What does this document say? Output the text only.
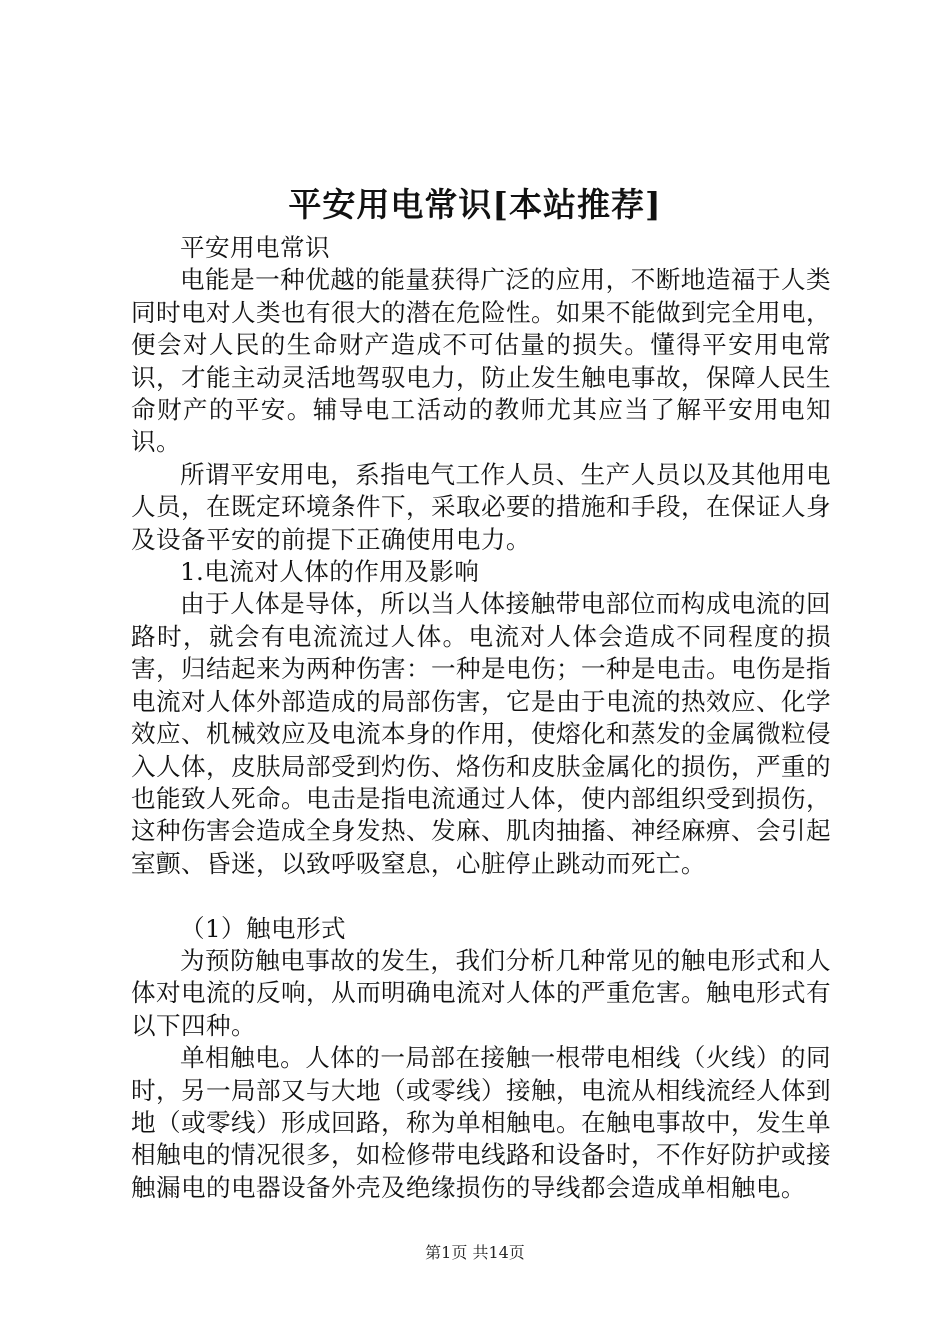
平安用电常识[本站推荐]

平安用电常识

电能是一种优越的能量获得广泛的应用，不断地造福于人类同时电对人类也有很大的潜在危险性。如果不能做到完全用电，便会对人民的生命财产造成不可估量的损失。懂得平安用电常识，才能主动灵活地驾驭电力，防止发生触电事故，保障人民生命财产的平安。辅导电工活动的教师尤其应当了解平安用电知识。

所谓平安用电，系指电气工作人员、生产人员以及其他用电人员，在既定环境条件下，采取必要的措施和手段，在保证人身及设备平安的前提下正确使用电力。

1.电流对人体的作用及影响

由于人体是导体，所以当人体接触带电部位而构成电流的回路时，就会有电流流过人体。电流对人体会造成不同程度的损害，归结起来为两种伤害：一种是电伤；一种是电击。电伤是指电流对人体外部造成的局部伤害，它是由于电流的热效应、化学效应、机械效应及电流本身的作用，使熔化和蒸发的金属微粒侵入人体，皮肤局部受到灼伤、烙伤和皮肤金属化的损伤，严重的也能致人死命。电击是指电流通过人体，使内部组织受到损伤，这种伤害会造成全身发热、发麻、肌肉抽搐、神经麻痹、会引起室颤、昏迷，以致呼吸窒息，心脏停止跳动而死亡。

（1）触电形式

为预防触电事故的发生，我们分析几种常见的触电形式和人体对电流的反响，从而明确电流对人体的严重危害。触电形式有以下四种。

单相触电。人体的一局部在接触一根带电相线（火线）的同时，另一局部又与大地（或零线）接触，电流从相线流经人体到地（或零线）形成回路，称为单相触电。在触电事故中，发生单相触电的情况很多，如检修带电线路和设备时，不作好防护或接触漏电的电器设备外壳及绝缘损伤的导线都会造成单相触电。

第1页 共14页
